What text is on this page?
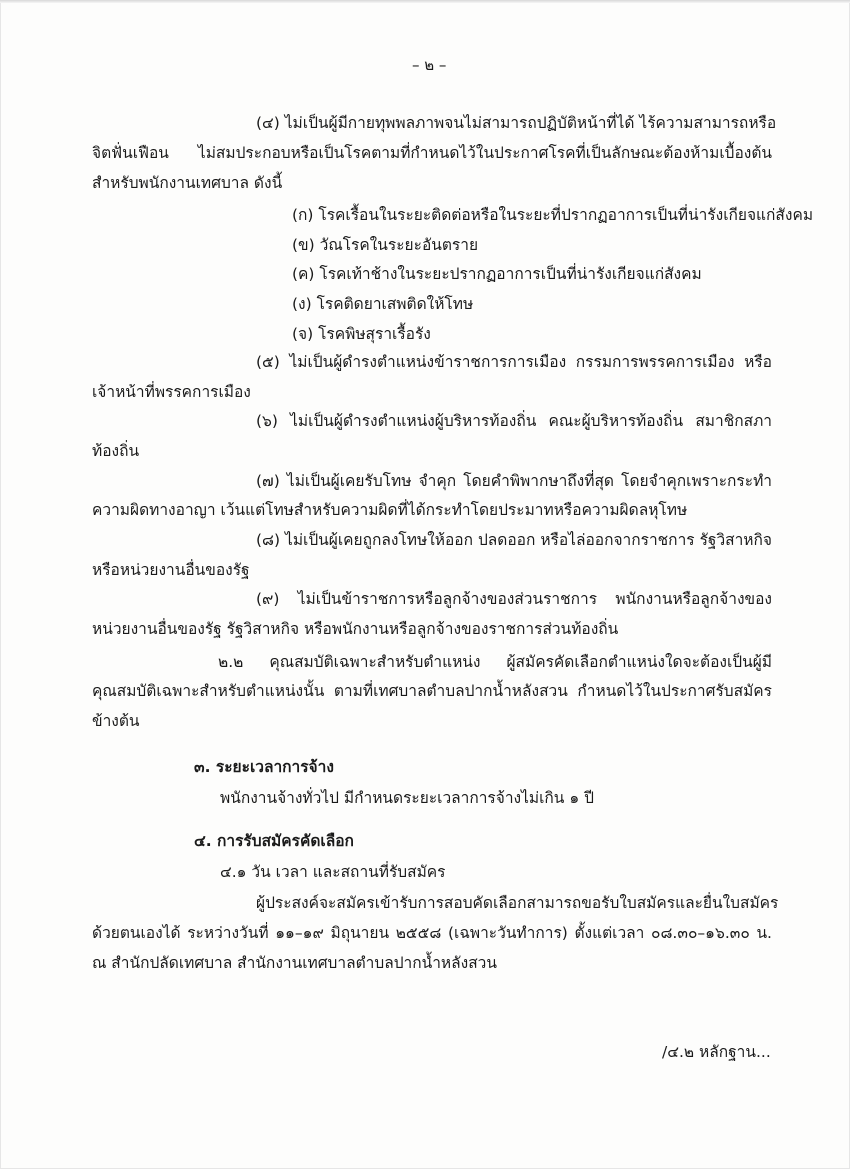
– ๒ –
(๔) ไม่เป็นผู้มีกายทุพพลภาพจนไม่สามารถปฏิบัติหน้าที่ได้ ไร้ความสามารถหรือ
จิตฟั่นเฟือน ไม่สมประกอบหรือเป็นโรคตามที่กำหนดไว้ในประกาศโรคที่เป็นลักษณะต้องห้ามเบื้องต้น
สำหรับพนักงานเทศบาล ดังนี้
(ก) โรคเรื้อนในระยะติดต่อหรือในระยะที่ปรากฏอาการเป็นที่น่ารังเกียจแก่สังคม
(ข) วัณโรคในระยะอันตราย
(ค) โรคเท้าช้างในระยะปรากฏอาการเป็นที่น่ารังเกียจแก่สังคม
(ง) โรคติดยาเสพติดให้โทษ
(จ) โรคพิษสุราเรื้อรัง
(๕) ไม่เป็นผู้ดำรงตำแหน่งข้าราชการการเมือง กรรมการพรรคการเมือง หรือ
เจ้าหน้าที่พรรคการเมือง
(๖) ไม่เป็นผู้ดำรงตำแหน่งผู้บริหารท้องถิ่น คณะผู้บริหารท้องถิ่น สมาชิกสภา
ท้องถิ่น
(๗) ไม่เป็นผู้เคยรับโทษ จำคุก โดยคำพิพากษาถึงที่สุด โดยจำคุกเพราะกระทำ
ความผิดทางอาญา เว้นแต่โทษสำหรับความผิดที่ได้กระทำโดยประมาทหรือความผิดลหุโทษ
(๘) ไม่เป็นผู้เคยถูกลงโทษให้ออก ปลดออก หรือไล่ออกจากราชการ รัฐวิสาหกิจ
หรือหน่วยงานอื่นของรัฐ
(๙) ไม่เป็นข้าราชการหรือลูกจ้างของส่วนราชการ พนักงานหรือลูกจ้างของ
หน่วยงานอื่นของรัฐ รัฐวิสาหกิจ หรือพนักงานหรือลูกจ้างของราชการส่วนท้องถิ่น
๒.๒ คุณสมบัติเฉพาะสำหรับตำแหน่ง ผู้สมัครคัดเลือกตำแหน่งใดจะต้องเป็นผู้มี
คุณสมบัติเฉพาะสำหรับตำแหน่งนั้น ตามที่เทศบาลตำบลปากน้ำหลังสวน กำหนดไว้ในประกาศรับสมัคร
ข้างต้น
๓. ระยะเวลาการจ้าง
พนักงานจ้างทั่วไป มีกำหนดระยะเวลาการจ้างไม่เกิน ๑ ปี
๔. การรับสมัครคัดเลือก
๔.๑ วัน เวลา และสถานที่รับสมัคร
ผู้ประสงค์จะสมัครเข้ารับการสอบคัดเลือกสามารถขอรับใบสมัครและยื่นใบสมัคร
ด้วยตนเองได้ ระหว่างวันที่ ๑๑–๑๙ มิถุนายน ๒๕๕๘ (เฉพาะวันทำการ) ตั้งแต่เวลา ๐๘.๓๐–๑๖.๓๐ น.
ณ สำนักปลัดเทศบาล สำนักงานเทศบาลตำบลปากน้ำหลังสวน
/๔.๒ หลักฐาน...
